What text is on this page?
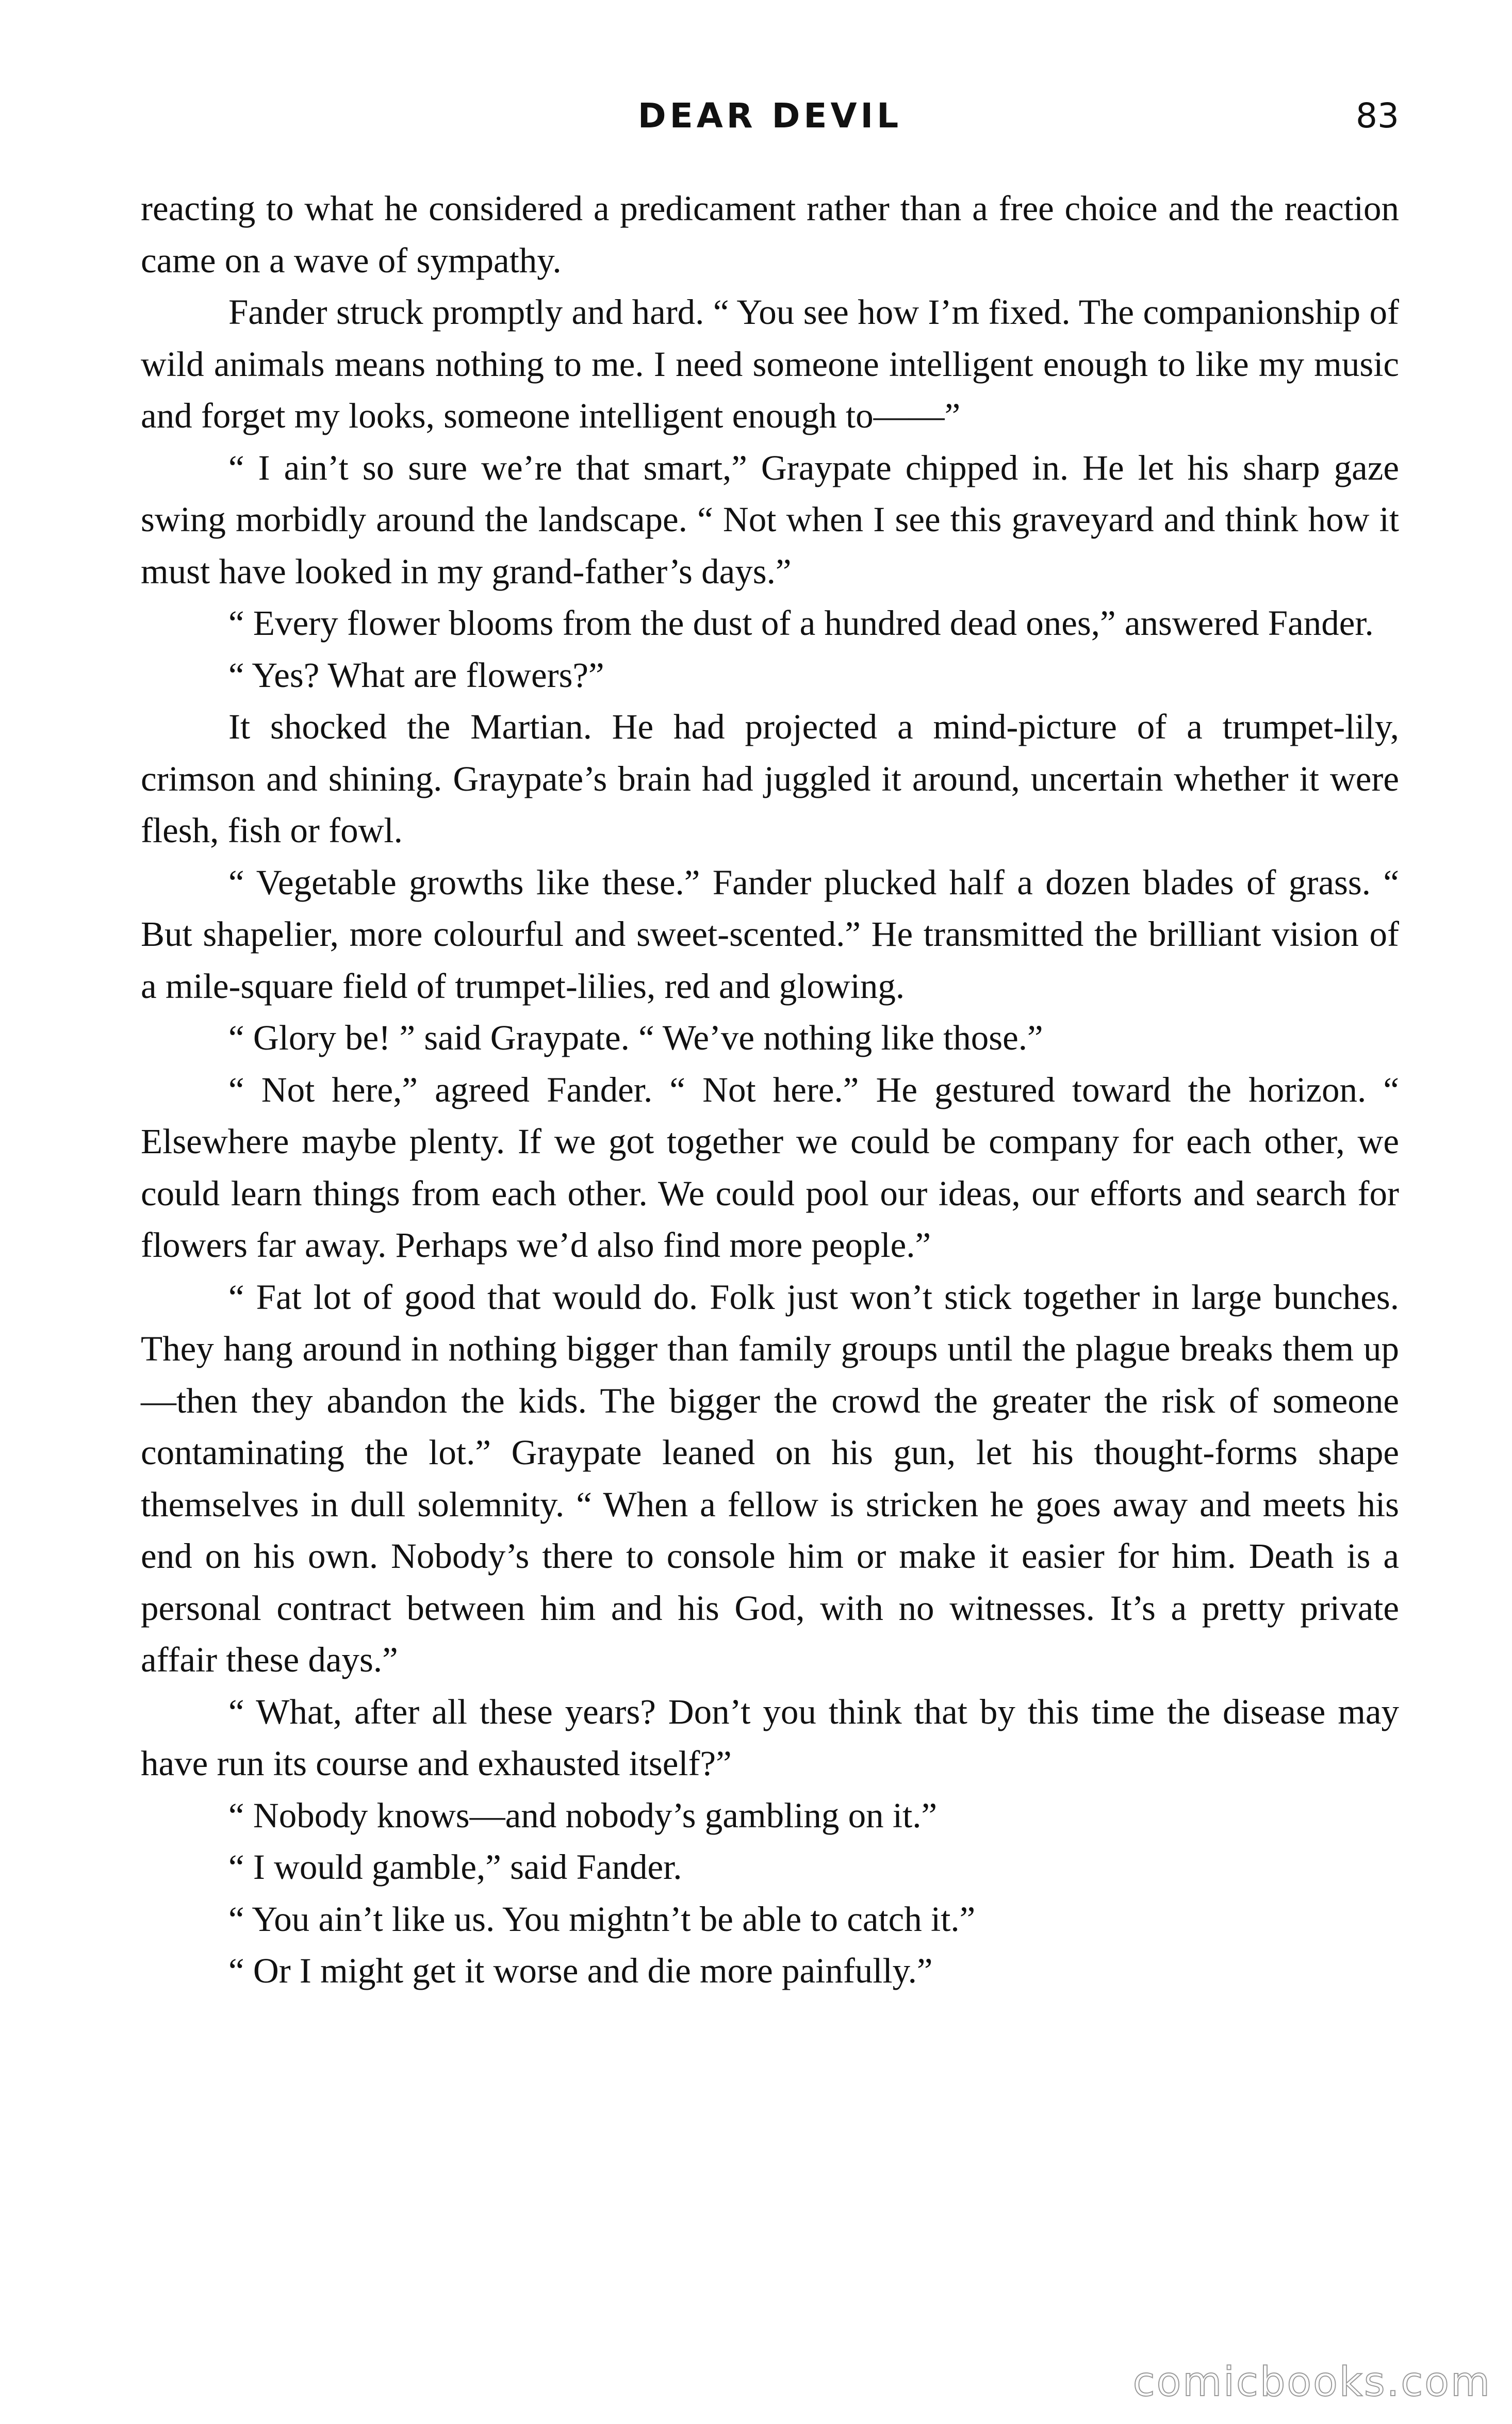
DEAR DEVIL	83

reacting to what he considered a predicament rather than a free choice and the reaction came on a wave of sympathy.

Fander struck promptly and hard. “ You see how I’m fixed. The companionship of wild animals means nothing to me. I need someone intelligent enough to like my music and forget my looks, someone intelligent enough to——”

“ I ain’t so sure we’re that smart,” Graypate chipped in. He let his sharp gaze swing morbidly around the landscape. “ Not when I see this graveyard and think how it must have looked in my grand-father’s days.”

“ Every flower blooms from the dust of a hundred dead ones,” answered Fander.

“ Yes? What are flowers?”

It shocked the Martian. He had projected a mind-picture of a trumpet-lily, crimson and shining. Graypate’s brain had juggled it around, uncertain whether it were flesh, fish or fowl.

“ Vegetable growths like these.” Fander plucked half a dozen blades of grass. “ But shapelier, more colourful and sweet-scented.” He transmitted the brilliant vision of a mile-square field of trumpet-lilies, red and glowing.

“ Glory be! ” said Graypate. “ We’ve nothing like those.”

“ Not here,” agreed Fander. “ Not here.” He gestured toward the horizon. “ Elsewhere maybe plenty. If we got together we could be company for each other, we could learn things from each other. We could pool our ideas, our efforts and search for flowers far away. Perhaps we’d also find more people.”

“ Fat lot of good that would do. Folk just won’t stick together in large bunches. They hang around in nothing bigger than family groups until the plague breaks them up—then they abandon the kids. The bigger the crowd the greater the risk of someone contaminating the lot.” Graypate leaned on his gun, let his thought-forms shape themselves in dull solemnity. “ When a fellow is stricken he goes away and meets his end on his own. Nobody’s there to console him or make it easier for him. Death is a personal contract between him and his God, with no witnesses. It’s a pretty private affair these days.”

“ What, after all these years? Don’t you think that by this time the disease may have run its course and exhausted itself?”

“ Nobody knows—and nobody’s gambling on it.”

“ I would gamble,” said Fander.

“ You ain’t like us. You mightn’t be able to catch it.”

“ Or I might get it worse and die more painfully.”

comicbooks.com
